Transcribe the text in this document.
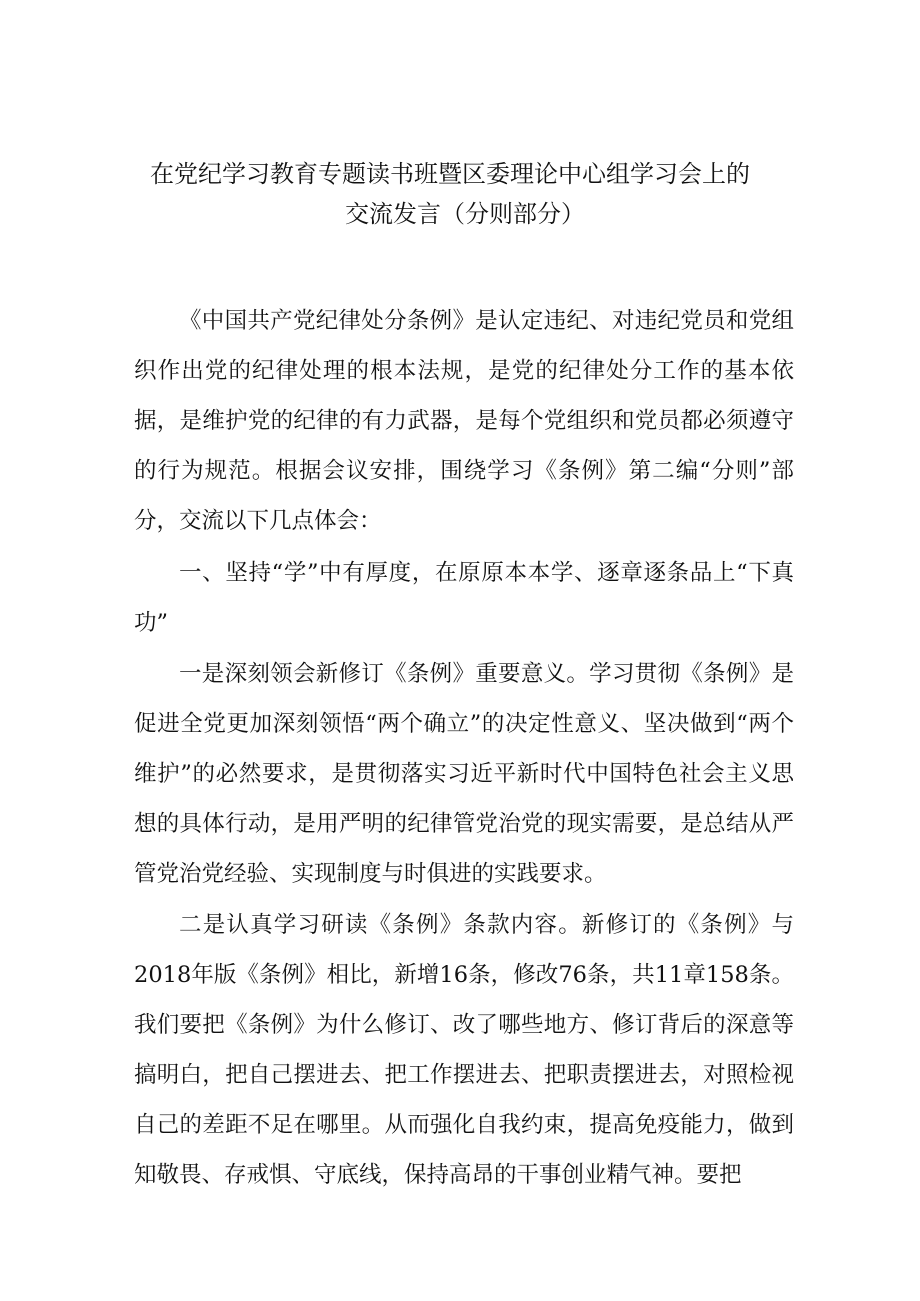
在党纪学习教育专题读书班暨区委理论中心组学习会上的
交流发言（分则部分）

《中国共产党纪律处分条例》是认定违纪、对违纪党员和党组织作出党的纪律处理的根本法规，是党的纪律处分工作的基本依据，是维护党的纪律的有力武器，是每个党组织和党员都必须遵守的行为规范。根据会议安排，围绕学习《条例》第二编“分则”部分，交流以下几点体会：

一、坚持“学”中有厚度，在原原本本学、逐章逐条品上“下真功”

一是深刻领会新修订《条例》重要意义。学习贯彻《条例》是促进全党更加深刻领悟“两个确立”的决定性意义、坚决做到“两个维护”的必然要求，是贯彻落实习近平新时代中国特色社会主义思想的具体行动，是用严明的纪律管党治党的现实需要，是总结从严管党治党经验、实现制度与时俱进的实践要求。

二是认真学习研读《条例》条款内容。新修订的《条例》与2018年版《条例》相比，新增16条，修改76条，共11章158条。我们要把《条例》为什么修订、改了哪些地方、修订背后的深意等搞明白，把自己摆进去、把工作摆进去、把职责摆进去，对照检视自己的差距不足在哪里。从而强化自我约束，提高免疫能力，做到知敬畏、存戒惧、守底线，保持高昂的干事创业精气神。要把
